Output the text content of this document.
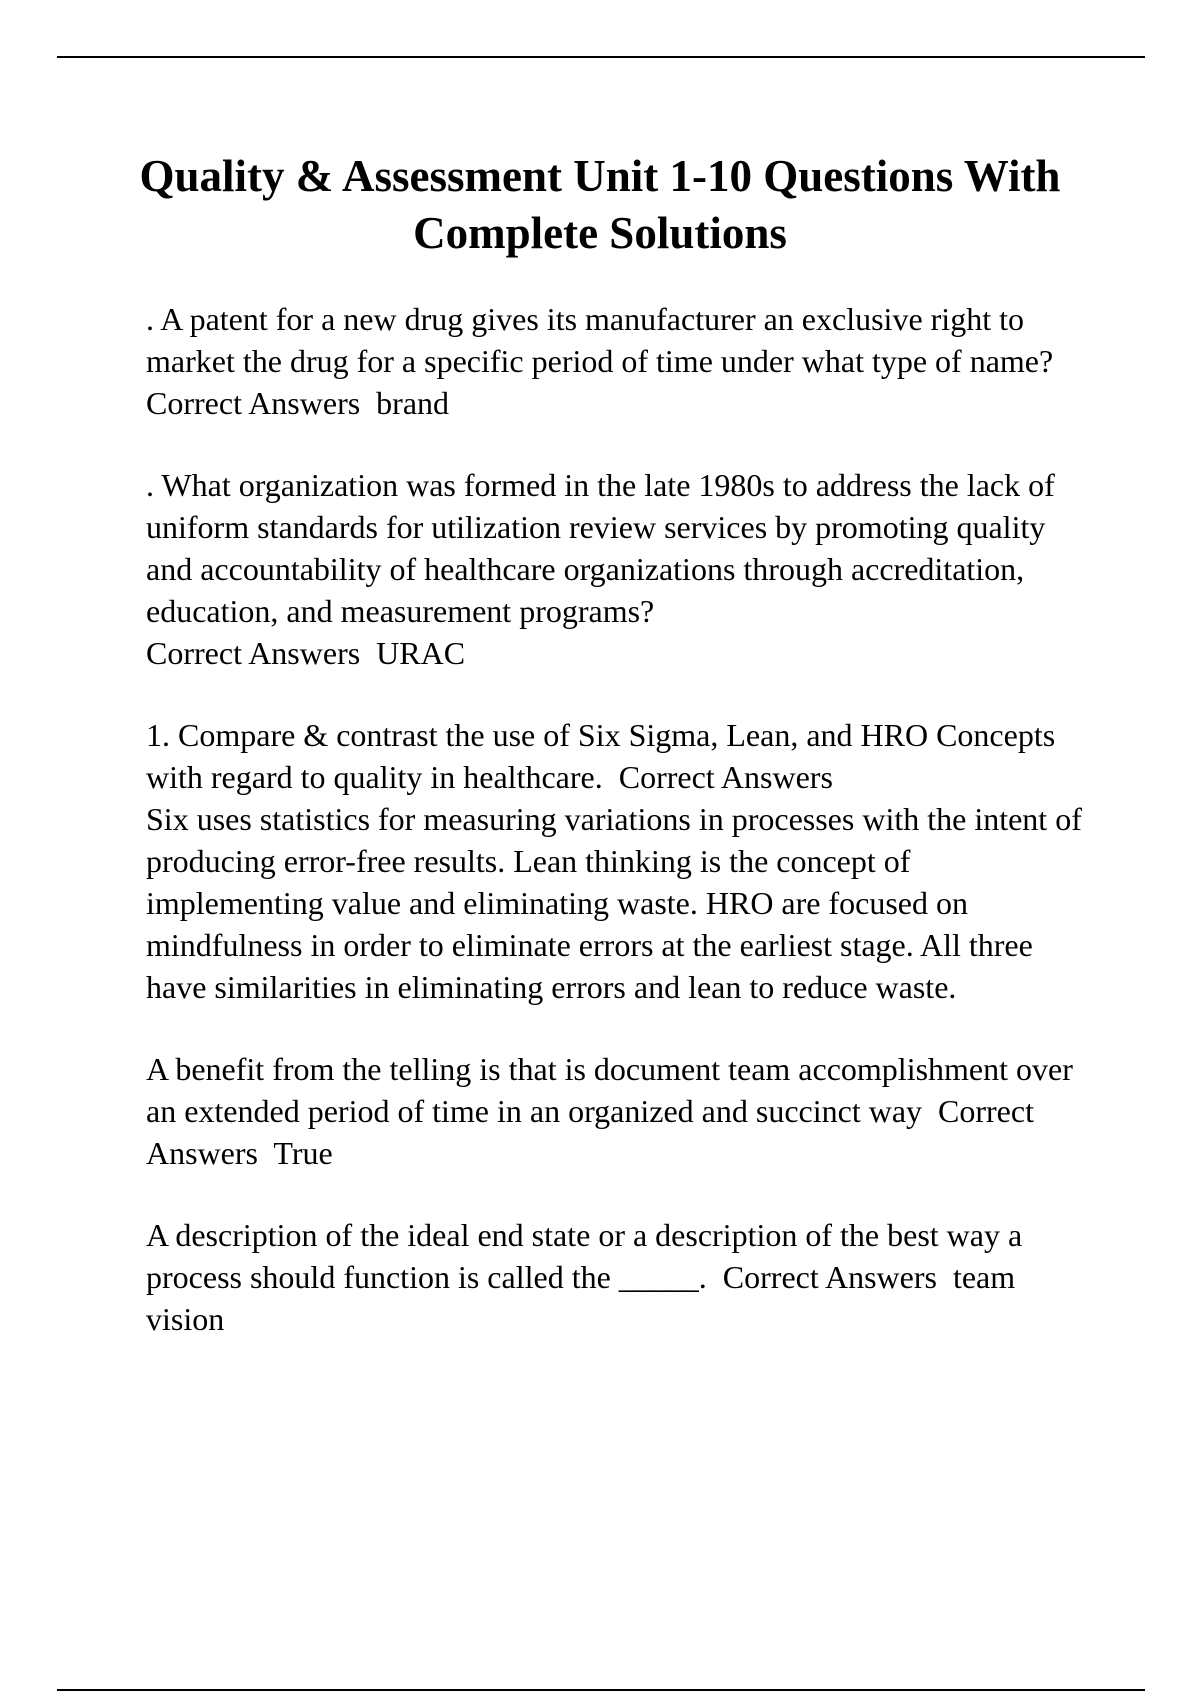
Quality & Assessment Unit 1-10 Questions With Complete Solutions

. A patent for a new drug gives its manufacturer an exclusive right to market the drug for a specific period of time under what type of name?  Correct Answers brand

. What organization was formed in the late 1980s to address the lack of uniform standards for utilization review services by promoting quality and accountability of healthcare organizations through accreditation, education, and measurement programs?
Correct Answers URAC

1. Compare & contrast the use of Six Sigma, Lean, and HRO Concepts with regard to quality in healthcare. Correct Answers
Six uses statistics for measuring variations in processes with the intent of producing error-free results. Lean thinking is the concept of implementing value and eliminating waste. HRO are focused on mindfulness in order to eliminate errors at the earliest stage. All three have similarities in eliminating errors and lean to reduce waste.

A benefit from the telling is that is document team accomplishment over an extended period of time in an organized and succinct way Correct Answers True

A description of the ideal end state or a description of the best way a process should function is called the _____. Correct Answers team vision
